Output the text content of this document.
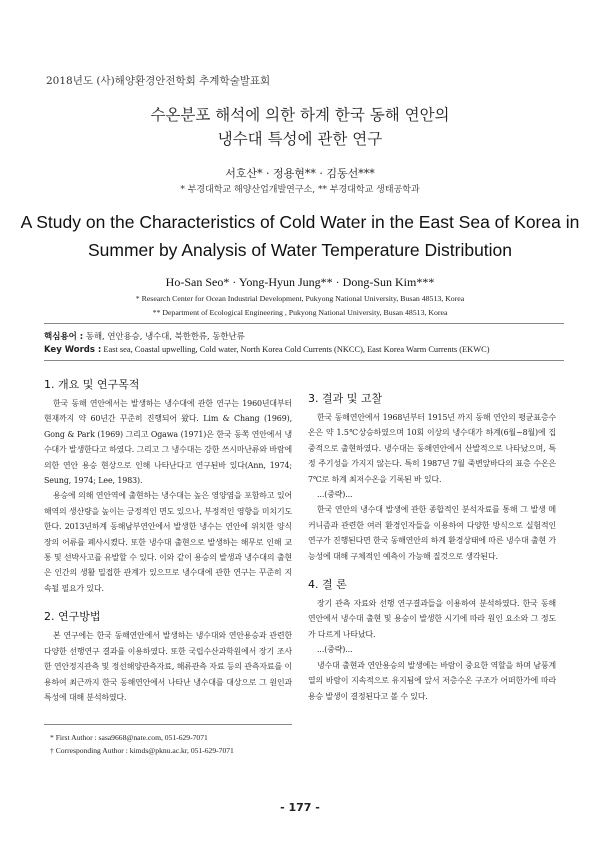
2018년도 (사)해양환경안전학회 추계학술발표회
수온분포 해석에 의한 하계 한국 동해 연안의
냉수대 특성에 관한 연구
서호산* · 정용현** · 김동선***
* 부경대학교 해양산업개발연구소, ** 부경대학교 생태공학과
A Study on the Characteristics of Cold Water in the East Sea of Korea in
Summer by Analysis of Water Temperature Distribution
Ho-San Seo* · Yong-Hyun Jung** · Dong-Sun Kim***
* Research Center for Ocean Industrial Development, Pukyong National University, Busan 48513, Korea
** Department of Ecological Engineering , Pukyong National University, Busan 48513, Korea
핵심용어 : 동해, 연안용승, 냉수대, 북한한류, 동한난류
Key Words : East sea, Coastal upwelling, Cold water, North Korea Cold Currents (NKCC), East Korea Warm Currents (EKWC)
1. 개요 및 연구목적

한국 동해 연안에서는 발생하는 냉수대에 관한 연구는 1960년대부터 현재까지 약 60년간 꾸준히 진행되어 왔다. Lim & Chang (1969), Gong & Park (1969) 그리고 Ogawa (1971)은 한국 동쪽 연안에서 냉수대가 발생한다고 하였다. 그리고 그 냉수대는 강한 쓰시마난류와 바람에 의한 연안 용승 현상으로 인해 나타난다고 연구된바 있다(Ann, 1974; Seung, 1974; Lee, 1983).

용승에 의해 연안역에 출현하는 냉수대는 높은 영양염을 포함하고 있어 해역의 생산량을 높이는 긍정적인 면도 있으나, 부정적인 영향을 미치기도 한다. 2013년하계 동해남부연안에서 발생한 냉수는 연안에 위치한 양식장의 어류를 폐사시켰다. 또한 냉수대 출현으로 발생하는 해무로 인해 교통 및 선박사고를 유발할 수 있다. 이와 같이 용승의 발생과 냉수대의 출현은 인간의 생활 밀접한 관계가 있으므로 냉수대에 관한 연구는 꾸준히 지속될 필요가 있다.

2. 연구방법

본 연구에는 한국 동해연안에서 발생하는 냉수대와 연안용승과 관련한 다양한 선행연구 결과를 이용하였다. 또한 국립수산과학원에서 장기 조사한 연안정지관측 및 정선해양관측자료, 해류관측 자료 등의 관측자료를 이용하여 최근까지 한국 동해연안에서 나타난 냉수대를 대상으로 그 원인과 특성에 대해 분석하였다.

3. 결과 및 고찰

한국 동해연안에서 1968년부터 1915년 까지 동해 연안의 평균표층수온은 약 1.5℃상승하였으며 10회 이상의 냉수대가 하계(6월~8월)에 집중적으로 출현하였다. 냉수대는 동해연안에서 산발적으로 나타났으며, 특정 주기성을 가지지 않는다. 특히 1987년 7월 죽변앞바다의 표층 수온은 7℃로 하계 최저수온을 기록된 바 있다.

...(중략)...

한국 연안의 냉수대 발생에 관한 종합적인 분석자료를 통해 그 발생 메커니즘과 관련한 여러 환경인자들을 이용하여 다양한 방식으로 실험적인 연구가 진행된다면 한국 동해연안의 하계 환경상태에 따른 냉수대 출현 가능성에 대해 구체적인 예측이 가능해 질것으로 생각된다.

4. 결 론

장기 관측 자료와 선행 연구결과들을 이용하여 분석하였다. 한국 동해 연안에서 냉수대 출현 및 용승이 발생한 시기에 따라 원인 요소와 그 정도가 다르게 나타났다.

...(중략)...

냉수대 출현과 연안용승의 발생에는 바람이 중요한 역할을 하며 남풍계열의 바람이 지속적으로 유지됨에 앞서 저층수온 구조가 어떠한가에 따라 용승 발생이 결정된다고 볼 수 있다.

* First Author : sasa9668@nate.com, 051-629-7071
† Corresponding Author : kimds@pknu.ac.kr, 051-629-7071
- 177 -
